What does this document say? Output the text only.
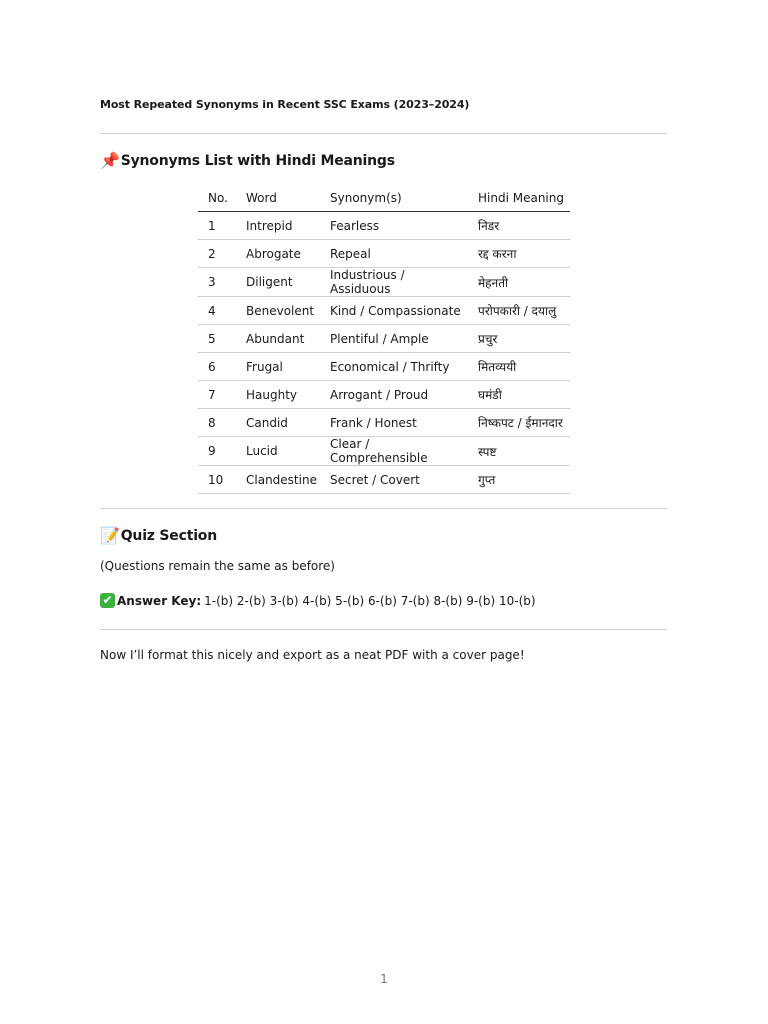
Most Repeated Synonyms in Recent SSC Exams (2023–2024)
📌 Synonyms List with Hindi Meanings
No.	Word	Synonym(s)	Hindi Meaning
1	Intrepid	Fearless	निडर
2	Abrogate	Repeal	रद्द करना
3	Diligent	Industrious / Assiduous	मेहनती
4	Benevolent	Kind / Compassionate	परोपकारी / दयालु
5	Abundant	Plentiful / Ample	प्रचुर
6	Frugal	Economical / Thrifty	मितव्ययी
7	Haughty	Arrogant / Proud	घमंडी
8	Candid	Frank / Honest	निष्कपट / ईमानदार
9	Lucid	Clear / Comprehensible	स्पष्ट
10	Clandestine	Secret / Covert	गुप्त
📝 Quiz Section
(Questions remain the same as before)
✔ Answer Key: 1-(b) 2-(b) 3-(b) 4-(b) 5-(b) 6-(b) 7-(b) 8-(b) 9-(b) 10-(b)
Now I’ll format this nicely and export as a neat PDF with a cover page!
1
